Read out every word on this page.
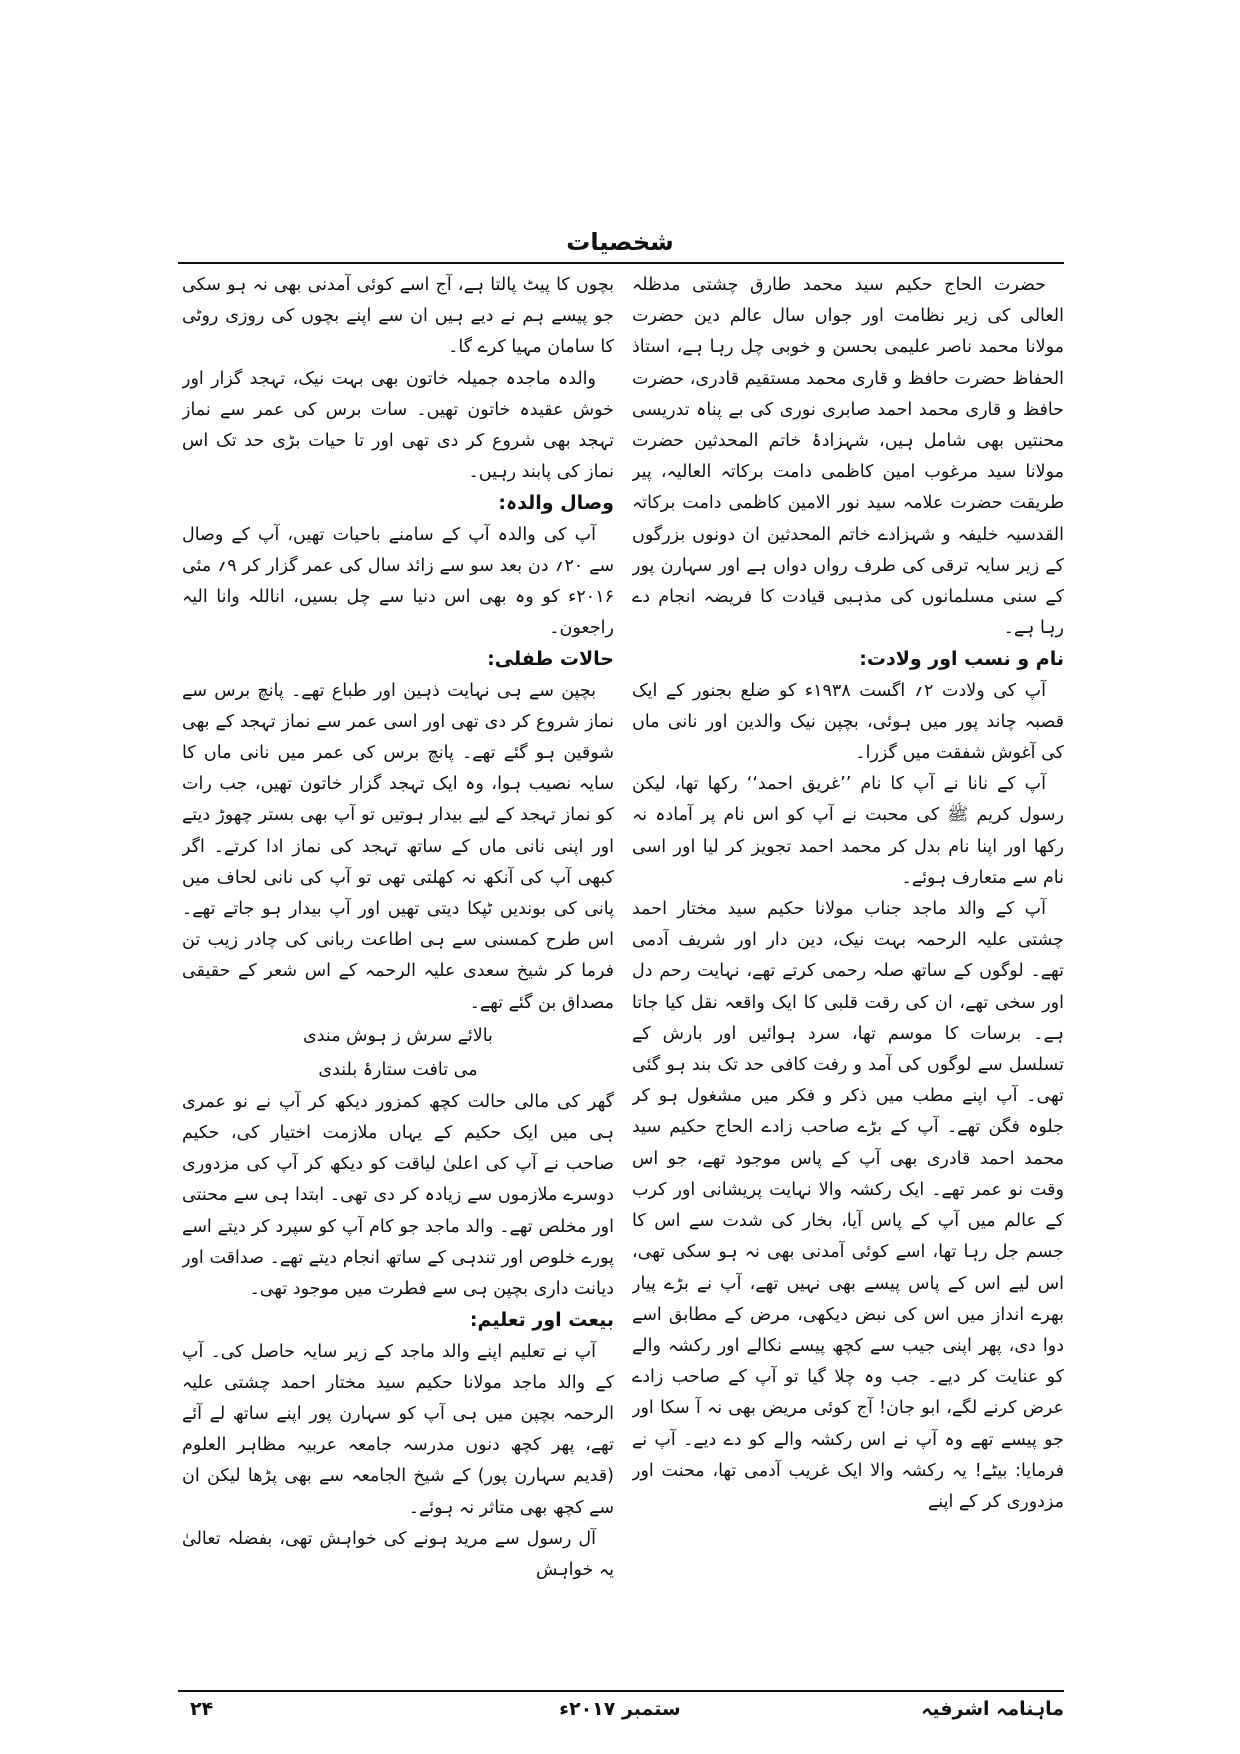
شخصیات

حضرت الحاج حکیم سید محمد طارق چشتی مدظلہ العالی کی زیر نظامت اور جواں سال عالم دین حضرت مولانا محمد ناصر علیمی بحسن و خوبی چل رہا ہے، استاذ الحفاظ حضرت حافظ و قاری محمد مستقیم قادری، حضرت حافظ و قاری محمد احمد صابری نوری کی بے پناہ تدریسی محنتیں بھی شامل ہیں، شہزادۂ خاتم المحدثین حضرت مولانا سید مرغوب امین کاظمی دامت برکاتہ العالیہ، پیر طریقت حضرت علامہ سید نور الامین کاظمی دامت برکاتہ القدسیہ خلیفہ و شہزادے خاتم المحدثین ان دونوں بزرگوں کے زیر سایہ ترقی کی طرف رواں دواں ہے اور سہارن پور کے سنی مسلمانوں کی مذہبی قیادت کا فریضہ انجام دے رہا ہے۔

نام و نسب اور ولادت:

آپ کی ولادت ۲؍ اگست ۱۹۳۸ء کو ضلع بجنور کے ایک قصبہ چاند پور میں ہوئی، بچپن نیک والدین اور نانی ماں کی آغوش شفقت میں گزرا۔

آپ کے نانا نے آپ کا نام ’’غریق احمد‘‘ رکھا تھا، لیکن رسول کریم ﷺ کی محبت نے آپ کو اس نام پر آمادہ نہ رکھا اور اپنا نام بدل کر محمد احمد تجویز کر لیا اور اسی نام سے متعارف ہوئے۔

آپ کے والد ماجد جناب مولانا حکیم سید مختار احمد چشتی علیہ الرحمہ بہت نیک، دین دار اور شریف آدمی تھے۔ لوگوں کے ساتھ صلہ رحمی کرتے تھے، نہایت رحم دل اور سخی تھے، ان کی رقت قلبی کا ایک واقعہ نقل کیا جاتا ہے۔ برسات کا موسم تھا، سرد ہوائیں اور بارش کے تسلسل سے لوگوں کی آمد و رفت کافی حد تک بند ہو گئی تھی۔ آپ اپنے مطب میں ذکر و فکر میں مشغول ہو کر جلوہ فگن تھے۔ آپ کے بڑے صاحب زادے الحاج حکیم سید محمد احمد قادری بھی آپ کے پاس موجود تھے، جو اس وقت نو عمر تھے۔ ایک رکشہ والا نہایت پریشانی اور کرب کے عالم میں آپ کے پاس آیا، بخار کی شدت سے اس کا جسم جل رہا تھا، اسے کوئی آمدنی بھی نہ ہو سکی تھی، اس لیے اس کے پاس پیسے بھی نہیں تھے، آپ نے بڑے پیار بھرے انداز میں اس کی نبض دیکھی، مرض کے مطابق اسے دوا دی، پھر اپنی جیب سے کچھ پیسے نکالے اور رکشہ والے کو عنایت کر دیے۔ جب وہ چلا گیا تو آپ کے صاحب زادے عرض کرنے لگے، ابو جان! آج کوئی مریض بھی نہ آ سکا اور جو پیسے تھے وہ آپ نے اس رکشہ والے کو دے دیے۔ آپ نے فرمایا: بیٹے! یہ رکشہ والا ایک غریب آدمی تھا، محنت اور مزدوری کر کے اپنے

بچوں کا پیٹ پالتا ہے، آج اسے کوئی آمدنی بھی نہ ہو سکی جو پیسے ہم نے دیے ہیں ان سے اپنے بچوں کی روزی روٹی کا سامان مہیا کرے گا۔

والدہ ماجدہ جمیلہ خاتون بھی بہت نیک، تہجد گزار اور خوش عقیدہ خاتون تھیں۔ سات برس کی عمر سے نماز تہجد بھی شروع کر دی تھی اور تا حیات بڑی حد تک اس نماز کی پابند رہیں۔

وصال والدہ:

آپ کی والدہ آپ کے سامنے باحیات تھیں، آپ کے وصال سے ۲۰؍ دن بعد سو سے زائد سال کی عمر گزار کر ۹؍ مئی ۲۰۱۶ء کو وہ بھی اس دنیا سے چل بسیں، اناللہ وانا الیہ راجعون۔

حالات طفلی:

بچپن سے ہی نہایت ذہین اور طباع تھے۔ پانچ برس سے نماز شروع کر دی تھی اور اسی عمر سے نماز تہجد کے بھی شوقین ہو گئے تھے۔ پانچ برس کی عمر میں نانی ماں کا سایہ نصیب ہوا، وہ ایک تہجد گزار خاتون تھیں، جب رات کو نماز تہجد کے لیے بیدار ہوتیں تو آپ بھی بستر چھوڑ دیتے اور اپنی نانی ماں کے ساتھ تہجد کی نماز ادا کرتے۔ اگر کبھی آپ کی آنکھ نہ کھلتی تھی تو آپ کی نانی لحاف میں پانی کی بوندیں ٹپکا دیتی تھیں اور آپ بیدار ہو جاتے تھے۔ اس طرح کمسنی سے ہی اطاعت ربانی کی چادر زیب تن فرما کر شیخ سعدی علیہ الرحمہ کے اس شعر کے حقیقی مصداق بن گئے تھے۔

بالائے سرش ز ہوش مندی
می تافت ستارۂ بلندی

گھر کی مالی حالت کچھ کمزور دیکھ کر آپ نے نو عمری ہی میں ایک حکیم کے یہاں ملازمت اختیار کی، حکیم صاحب نے آپ کی اعلیٰ لیاقت کو دیکھ کر آپ کی مزدوری دوسرے ملازموں سے زیادہ کر دی تھی۔ ابتدا ہی سے محنتی اور مخلص تھے۔ والد ماجد جو کام آپ کو سپرد کر دیتے اسے پورے خلوص اور تندہی کے ساتھ انجام دیتے تھے۔ صداقت اور دیانت داری بچپن ہی سے فطرت میں موجود تھی۔

بیعت اور تعلیم:

آپ نے تعلیم اپنے والد ماجد کے زیر سایہ حاصل کی۔ آپ کے والد ماجد مولانا حکیم سید مختار احمد چشتی علیہ الرحمہ بچپن میں ہی آپ کو سہارن پور اپنے ساتھ لے آئے تھے، پھر کچھ دنوں مدرسہ جامعہ عربیہ مظاہر العلوم (قدیم سہارن پور) کے شیخ الجامعہ سے بھی پڑھا لیکن ان سے کچھ بھی متاثر نہ ہوئے۔

آل رسول سے مرید ہونے کی خواہش تھی، بفضلہ تعالیٰ یہ خواہش

ماہنامہ اشرفیہ
ستمبر ۲۰۱۷ء
۲۴
